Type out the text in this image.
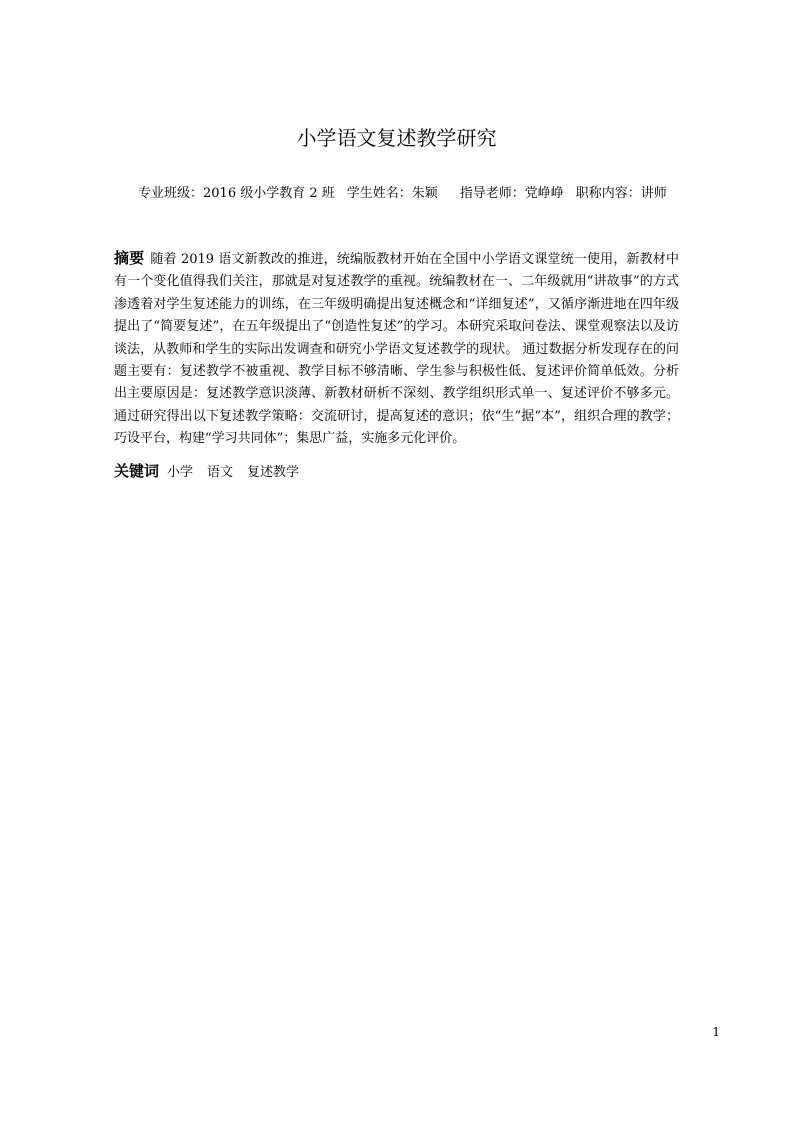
小学语文复述教学研究
专业班级：2016 级小学教育 2 班 学生姓名：朱颖 指导老师：党峥峥 职称内容：讲师
摘要 随着 2019 语文新教改的推进，统编版教材开始在全国中小学语文课堂统一使用，新教材中有一个变化值得我们关注，那就是对复述教学的重视。统编教材在一、二年级就用“讲故事”的方式渗透着对学生复述能力的训练，在三年级明确提出复述概念和“详细复述”，又循序渐进地在四年级提出了“简要复述”，在五年级提出了“创造性复述”的学习。本研究采取问卷法、课堂观察法以及访谈法，从教师和学生的实际出发调查和研究小学语文复述教学的现状。 通过数据分析发现存在的问题主要有：复述教学不被重视、教学目标不够清晰、学生参与积极性低、复述评价简单低效。分析出主要原因是：复述教学意识淡薄、新教材研析不深刻、教学组织形式单一、复述评价不够多元。通过研究得出以下复述教学策略：交流研讨，提高复述的意识；依“生”据“本”，组织合理的教学；巧设平台，构建“学习共同体”；集思广益，实施多元化评价。
关键词 小学 语文 复述教学
1
